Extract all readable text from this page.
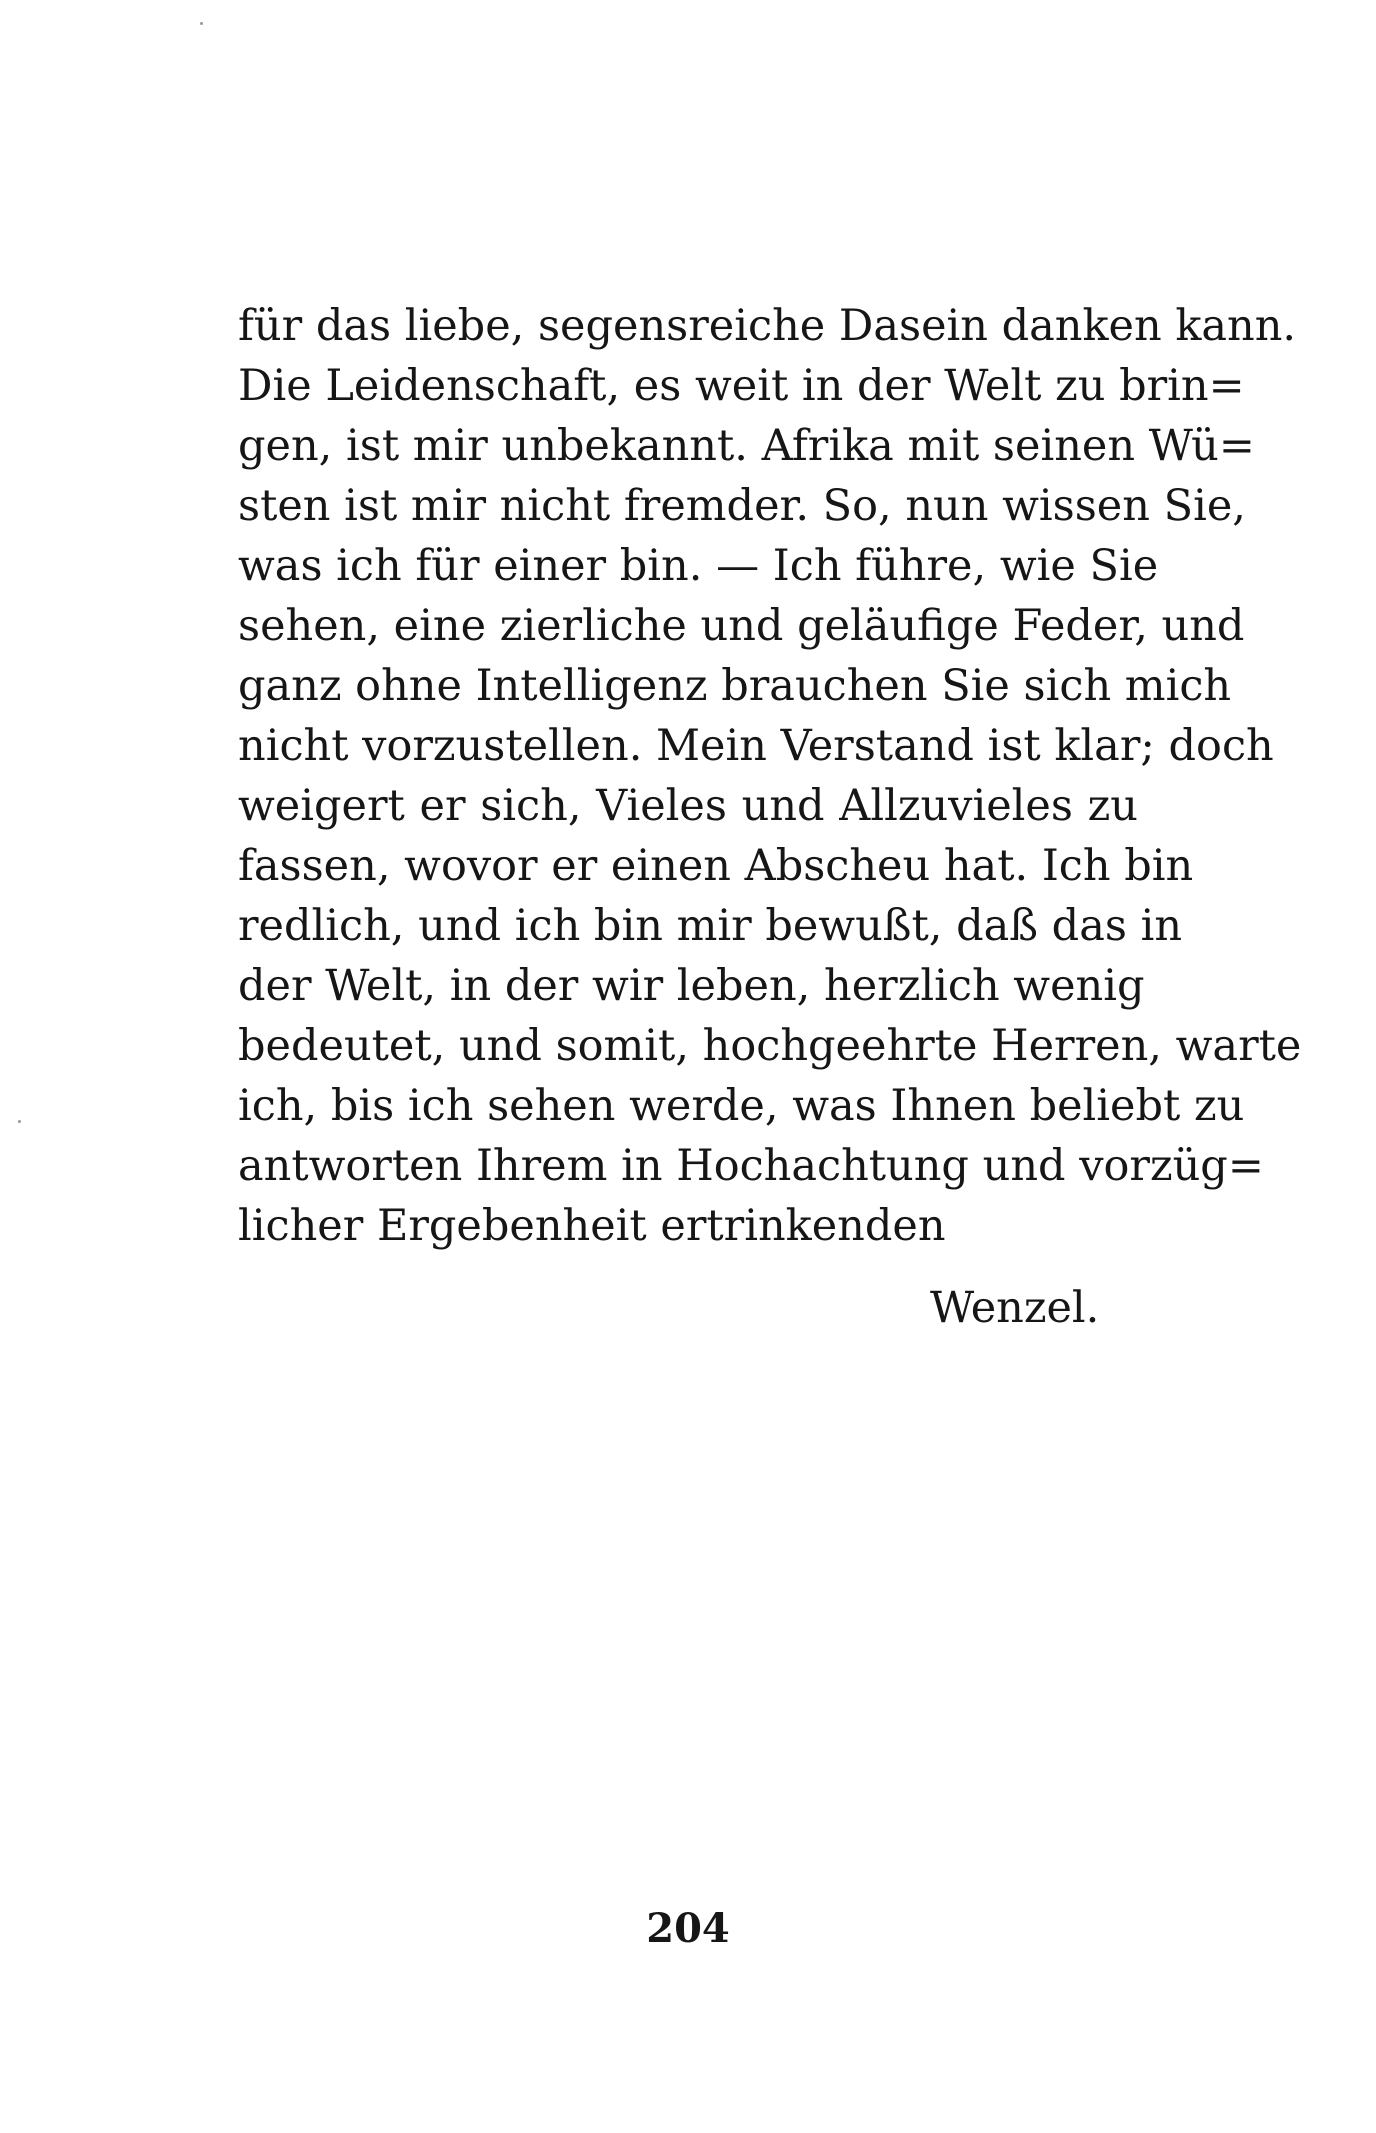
für das liebe, segensreiche Dasein danken kann.
Die Leidenschaft, es weit in der Welt zu brin=
gen, ist mir unbekannt. Afrika mit seinen Wü=
sten ist mir nicht fremder. So, nun wissen Sie,
was ich für einer bin. — Ich führe, wie Sie
sehen, eine zierliche und geläufige Feder, und
ganz ohne Intelligenz brauchen Sie sich mich
nicht vorzustellen. Mein Verstand ist klar; doch
weigert er sich, Vieles und Allzuvieles zu
fassen, wovor er einen Abscheu hat. Ich bin
redlich, und ich bin mir bewußt, daß das in
der Welt, in der wir leben, herzlich wenig
bedeutet, und somit, hochgeehrte Herren, warte
ich, bis ich sehen werde, was Ihnen beliebt zu
antworten Ihrem in Hochachtung und vorzüg=
licher Ergebenheit ertrinkenden
Wenzel.
204
